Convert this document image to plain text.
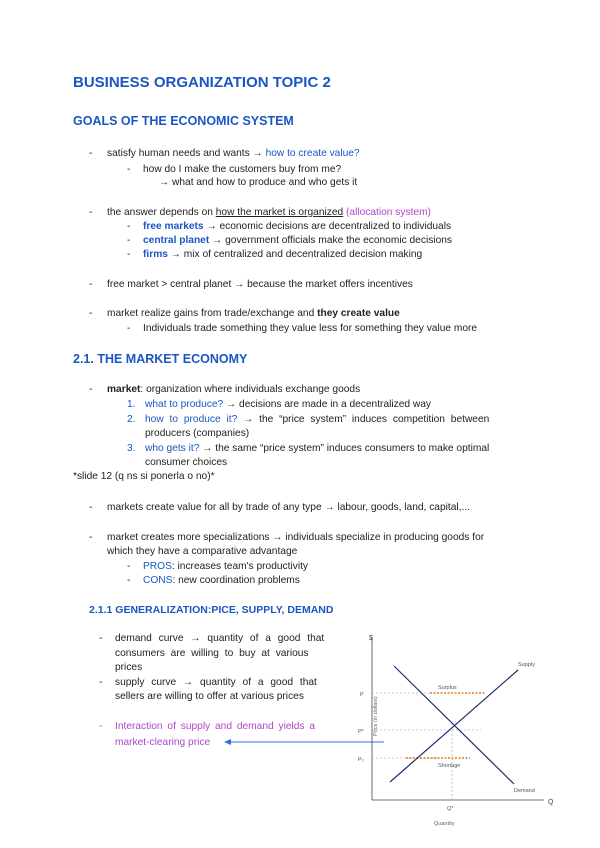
BUSINESS ORGANIZATION TOPIC 2
GOALS OF THE ECONOMIC SYSTEM
- satisfy human needs and wants → how to create value?
- how do I make the customers buy from me?
→ what and how to produce and who gets it
- the answer depends on how the market is organized (allocation system)
- free markets → economic decisions are decentralized to individuals
- central planet → government officials make the economic decisions
- firms → mix of centralized and decentralized decision making
- free market > central planet → because the market offers incentives
- market realize gains from trade/exchange and they create value
- Individuals trade something they value less for something they value more
2.1. THE MARKET ECONOMY
- market: organization where individuals exchange goods
1. what to produce? → decisions are made in a decentralized way
2. how to produce it? → the “price system” induces competition between
producers (companies)
3. who gets it? → the same “price system” induces consumers to make optimal
consumer choices
*slide 12 (q ns si ponerla o no)*
- markets create value for all by trade of any type → labour, goods, land, capital,...
- market creates more specializations → individuals specialize in producing goods for
which they have a comparative advantage
- PROS: increases team's productivity
- CONS: new coordination problems
2.1.1 GENERALIZATION:PICE, SUPPLY, DEMAND
- demand curve → quantity of a good that
consumers are willing to buy at various
prices
- supply curve → quantity of a good that
sellers are willing to offer at various prices
- Interaction of supply and demand yields a
market-clearing price
$
Q
Price (in dollars)
Quantity
Surplus
Shortage
Supply
Demand
P
P*
P₂
Q*
